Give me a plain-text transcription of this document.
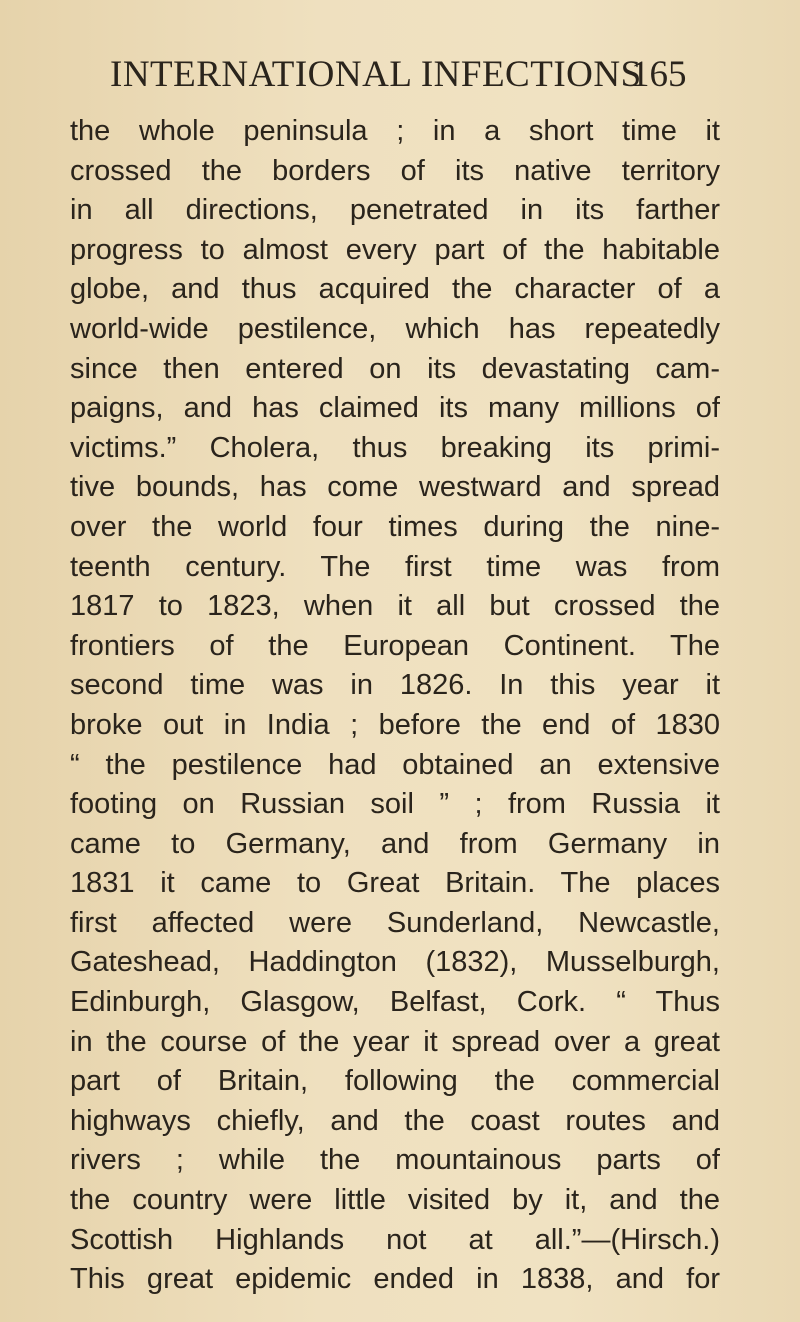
INTERNATIONAL INFECTIONS
165
the whole peninsula ; in a short time it
crossed the borders of its native territory
in all directions, penetrated in its farther
progress to almost every part of the habitable
globe, and thus acquired the character of a
world-wide pestilence, which has repeatedly
since then entered on its devastating cam-
paigns, and has claimed its many millions of
victims.” Cholera, thus breaking its primi-
tive bounds, has come westward and spread
over the world four times during the nine-
teenth century. The first time was from
1817 to 1823, when it all but crossed the
frontiers of the European Continent. The
second time was in 1826. In this year it
broke out in India ; before the end of 1830
“ the pestilence had obtained an extensive
footing on Russian soil ” ; from Russia it
came to Germany, and from Germany in
1831 it came to Great Britain. The places
first affected were Sunderland, Newcastle,
Gateshead, Haddington (1832), Musselburgh,
Edinburgh, Glasgow, Belfast, Cork. “ Thus
in the course of the year it spread over a great
part of Britain, following the commercial
highways chiefly, and the coast routes and
rivers ; while the mountainous parts of
the country were little visited by it, and the
Scottish Highlands not at all.”—(Hirsch.)
This great epidemic ended in 1838, and for
